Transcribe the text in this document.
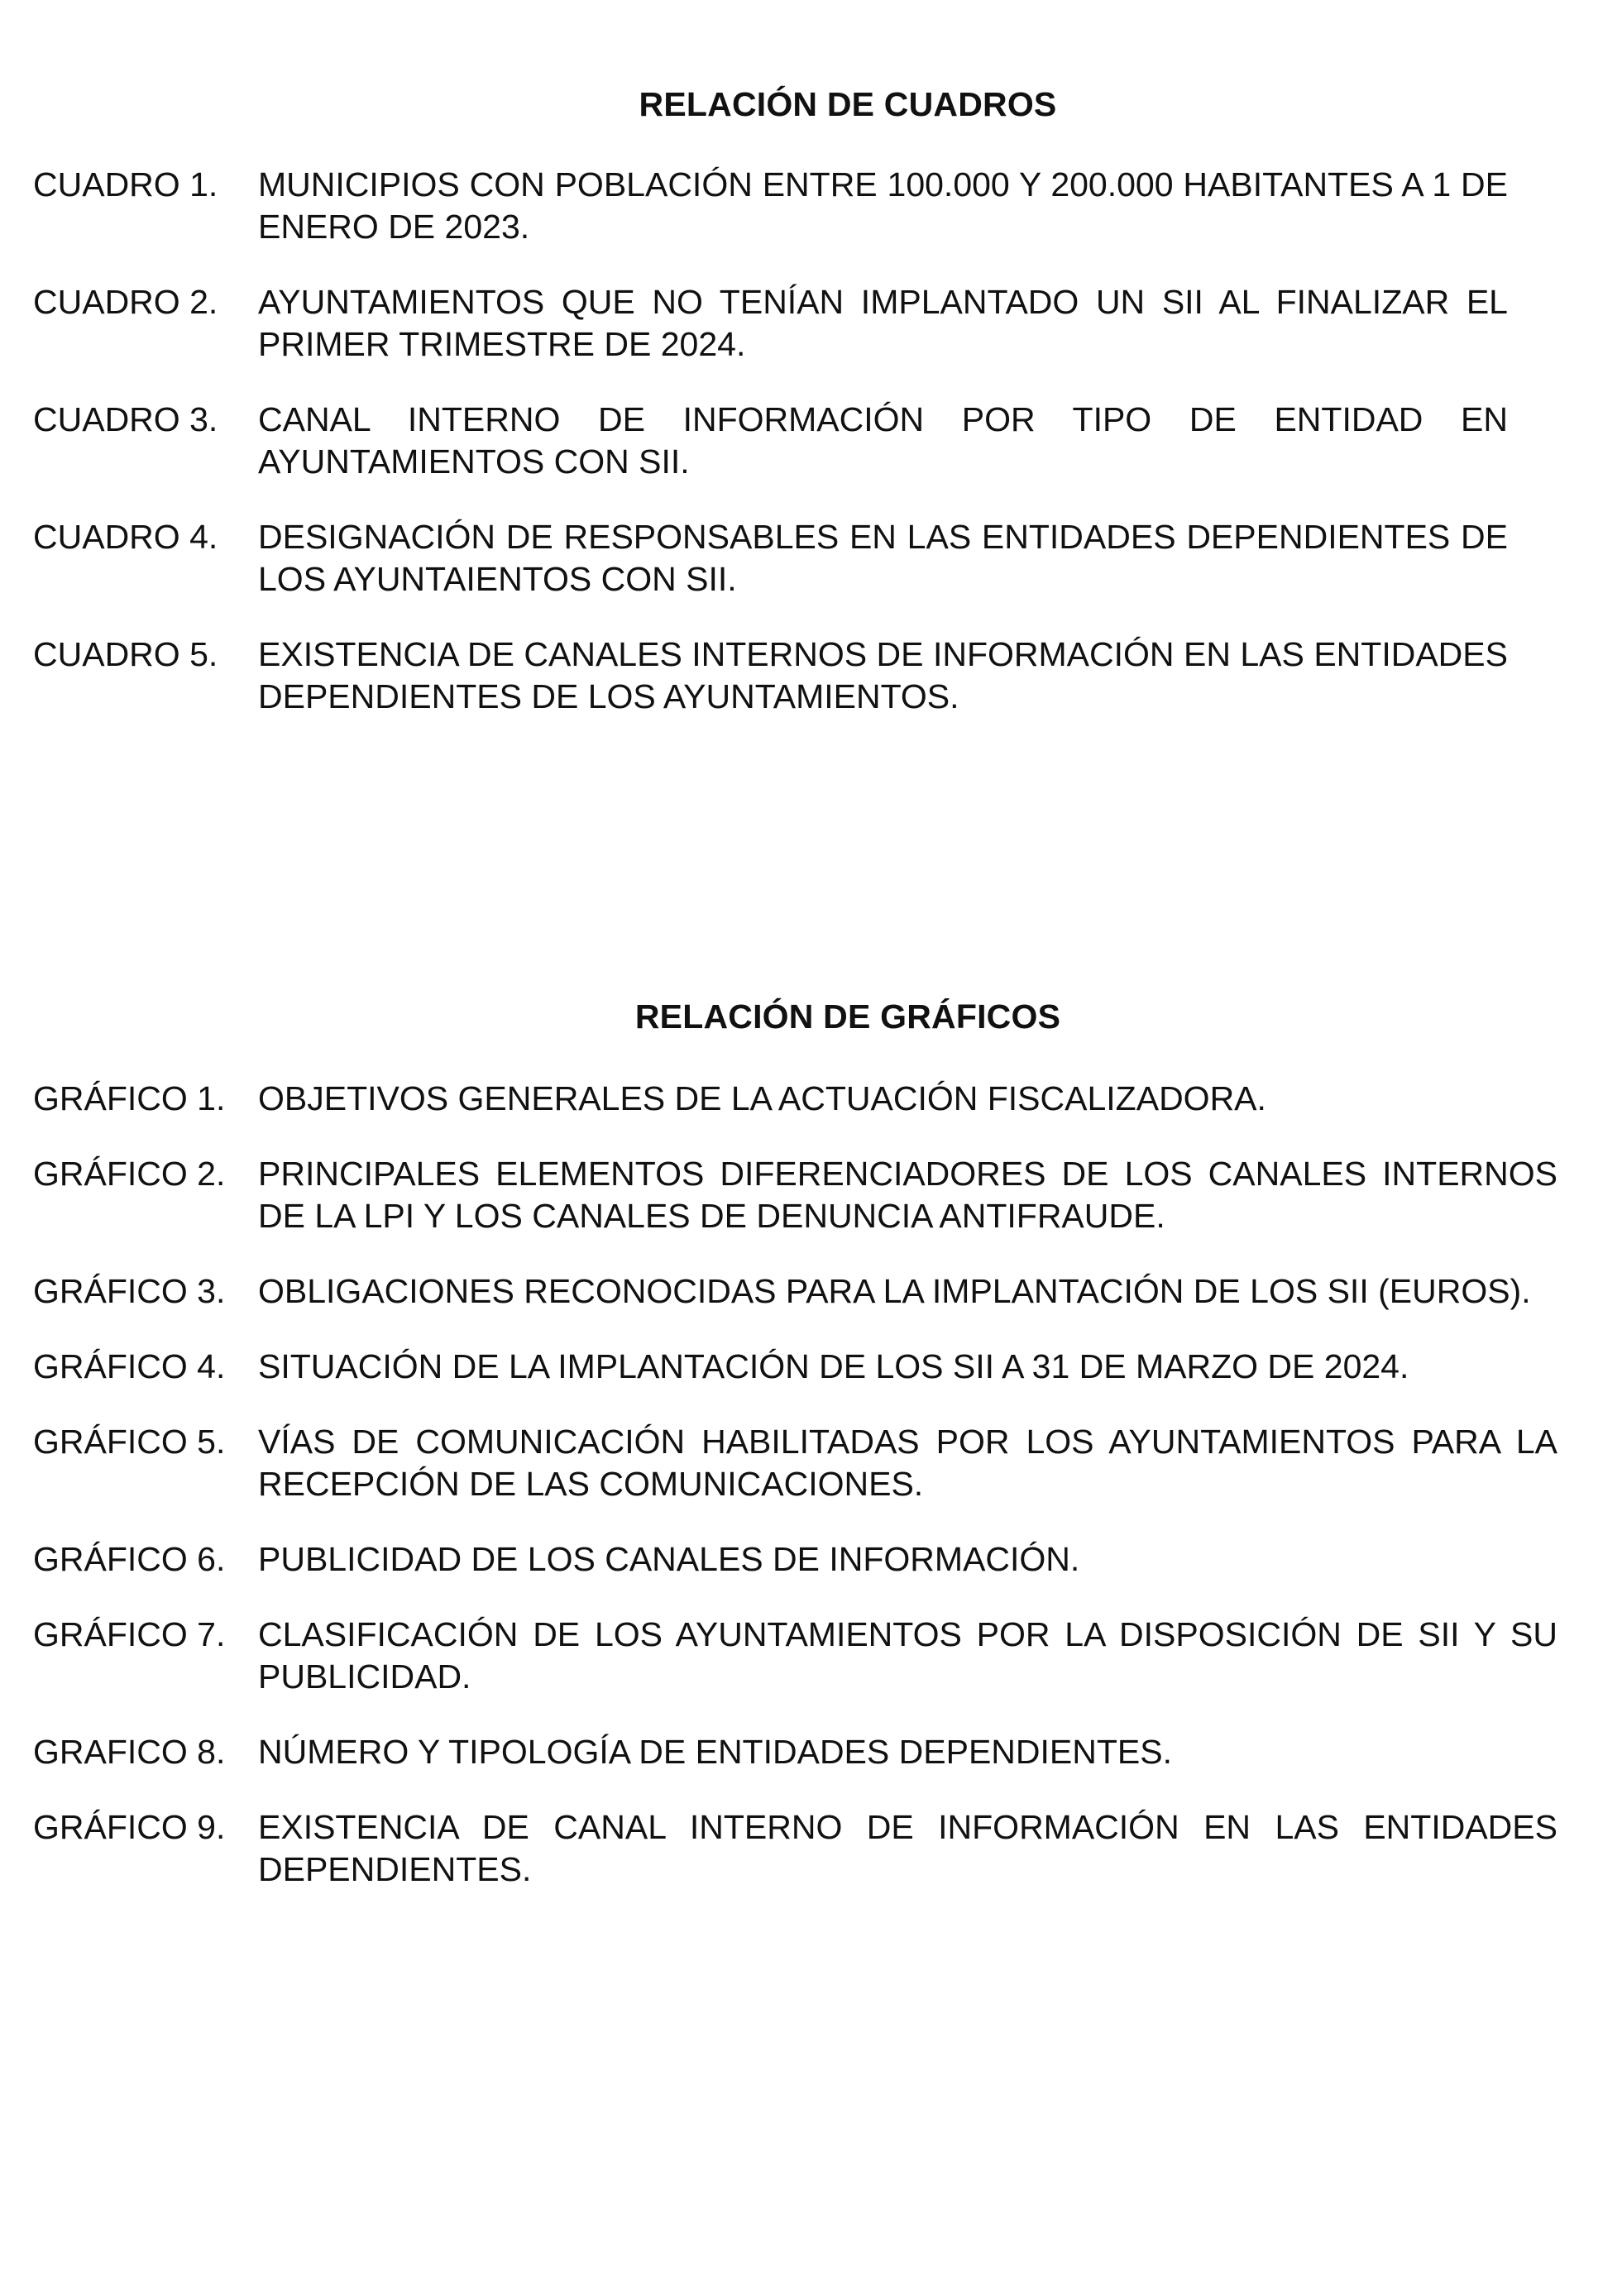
RELACIÓN DE CUADROS
CUADRO 1.	MUNICIPIOS CON POBLACIÓN ENTRE 100.000 Y 200.000 HABITANTES A 1 DE ENERO DE 2023.
CUADRO 2.	AYUNTAMIENTOS QUE NO TENÍAN IMPLANTADO UN SII AL FINALIZAR EL PRIMER TRIMESTRE DE 2024.
CUADRO 3.	CANAL INTERNO DE INFORMACIÓN POR TIPO DE ENTIDAD EN AYUNTAMIENTOS CON SII.
CUADRO 4.	DESIGNACIÓN DE RESPONSABLES EN LAS ENTIDADES DEPENDIENTES DE LOS AYUNTAIENTOS CON SII.
CUADRO 5.	EXISTENCIA DE CANALES INTERNOS DE INFORMACIÓN EN LAS ENTIDADES DEPENDIENTES DE LOS AYUNTAMIENTOS.
RELACIÓN DE GRÁFICOS
GRÁFICO 1. OBJETIVOS GENERALES DE LA ACTUACIÓN FISCALIZADORA.
GRÁFICO 2. PRINCIPALES ELEMENTOS DIFERENCIADORES DE LOS CANALES INTERNOS DE LA LPI Y LOS CANALES DE DENUNCIA ANTIFRAUDE.
GRÁFICO 3. OBLIGACIONES RECONOCIDAS PARA LA IMPLANTACIÓN DE LOS SII (EUROS).
GRÁFICO 4. SITUACIÓN DE LA IMPLANTACIÓN DE LOS SII A 31 DE MARZO DE 2024.
GRÁFICO 5. VÍAS DE COMUNICACIÓN HABILITADAS POR LOS AYUNTAMIENTOS PARA LA RECEPCIÓN DE LAS COMUNICACIONES.
GRÁFICO 6. PUBLICIDAD DE LOS CANALES DE INFORMACIÓN.
GRÁFICO 7. CLASIFICACIÓN DE LOS AYUNTAMIENTOS POR LA DISPOSICIÓN DE SII Y SU PUBLICIDAD.
GRAFICO 8. NÚMERO Y TIPOLOGÍA DE ENTIDADES DEPENDIENTES.
GRÁFICO 9. EXISTENCIA DE CANAL INTERNO DE INFORMACIÓN EN LAS ENTIDADES DEPENDIENTES.
